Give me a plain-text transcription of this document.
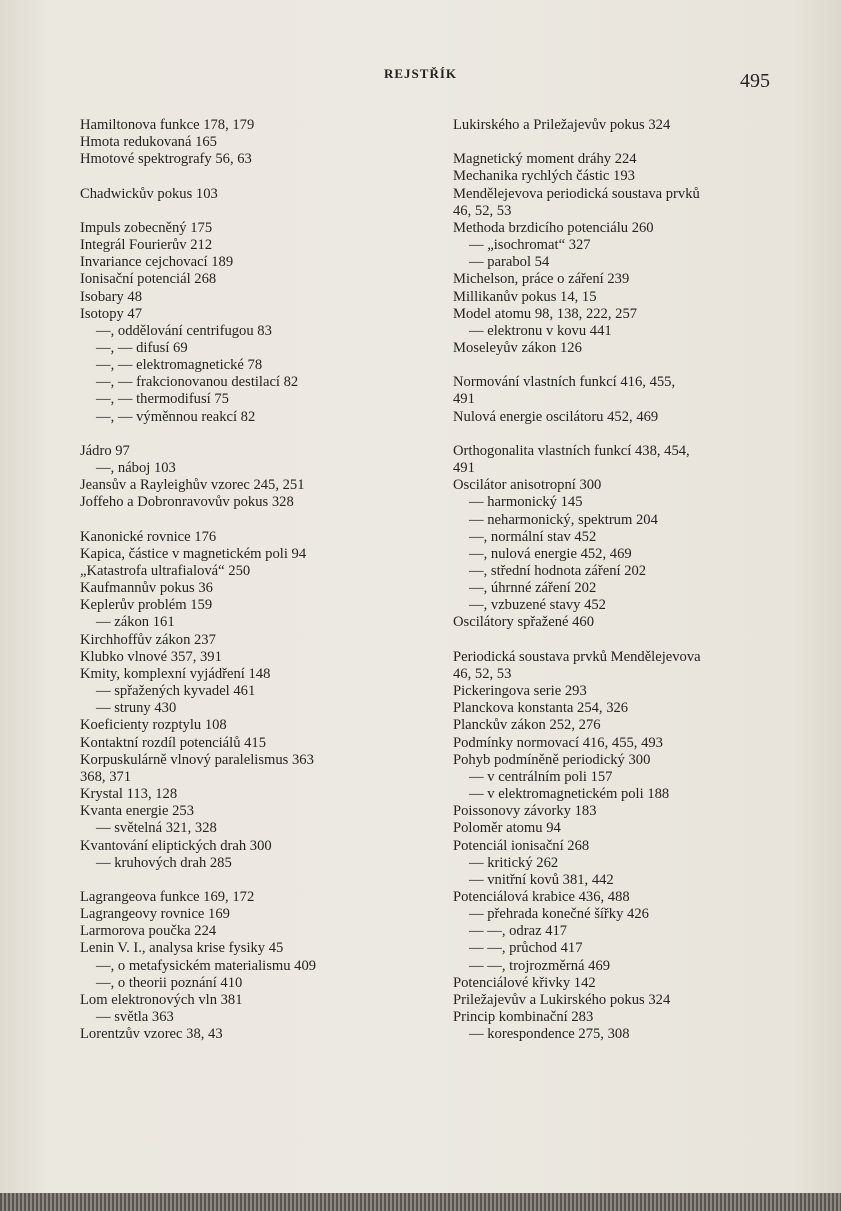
REJSTŘÍK	495
Hamiltonova funkce 178, 179
Hmota redukovaná 165
Hmotové spektrografy 56, 63
Chadwickův pokus 103
Impuls zobecněný 175
Integrál Fourierův 212
Invariance cejchovací 189
Ionisační potenciál 268
Isobary 48
Isotopy 47
—, oddělování centrifugou 83
—, — difusí 69
—, — elektromagnetické 78
—, — frakcionovanou destilací 82
—, — thermodifusí 75
—, — výměnnou reakcí 82
Jádro 97
—, náboj 103
Jeansův a Rayleighův vzorec 245, 251
Joffeho a Dobronravovův pokus 328
Kanonické rovnice 176
Kapica, částice v magnetickém poli 94
„Katastrofa ultrafialová“ 250
Kaufmannův pokus 36
Keplerův problém 159
— zákon 161
Kirchhoffův zákon 237
Klubko vlnové 357, 391
Kmity, komplexní vyjádření 148
— spřažených kyvadel 461
— struny 430
Koeficienty rozptylu 108
Kontaktní rozdíl potenciálů 415
Korpuskulárně vlnový paralelismus 363
368, 371
Krystal 113, 128
Kvanta energie 253
— světelná 321, 328
Kvantování eliptických drah 300
— kruhových drah 285
Lagrangeova funkce 169, 172
Lagrangeovy rovnice 169
Larmorova poučka 224
Lenin V. I., analysa krise fysiky 45
—, o metafysickém materialismu 409
—, o theorii poznání 410
Lom elektronových vln 381
— světla 363
Lorentzův vzorec 38, 43
Lukirského a Priležajevův pokus 324
Magnetický moment dráhy 224
Mechanika rychlých částic 193
Mendělejevova periodická soustava prvků
46, 52, 53
Methoda brzdicího potenciálu 260
— „isochromat“ 327
— parabol 54
Michelson, práce o záření 239
Millikanův pokus 14, 15
Model atomu 98, 138, 222, 257
— elektronu v kovu 441
Moseleyův zákon 126
Normování vlastních funkcí 416, 455,
491
Nulová energie oscilátoru 452, 469
Orthogonalita vlastních funkcí 438, 454,
491
Oscilátor anisotropní 300
— harmonický 145
— neharmonický, spektrum 204
—, normální stav 452
—, nulová energie 452, 469
—, střední hodnota záření 202
—, úhrnné záření 202
—, vzbuzené stavy 452
Oscilátory spřažené 460
Periodická soustava prvků Mendělejevova
46, 52, 53
Pickeringova serie 293
Planckova konstanta 254, 326
Planckův zákon 252, 276
Podmínky normovací 416, 455, 493
Pohyb podmíněně periodický 300
— v centrálním poli 157
— v elektromagnetickém poli 188
Poissonovy závorky 183
Poloměr atomu 94
Potenciál ionisační 268
— kritický 262
— vnitřní kovů 381, 442
Potenciálová krabice 436, 488
— přehrada konečné šířky 426
— —, odraz 417
— —, průchod 417
— —, trojrozměrná 469
Potenciálové křivky 142
Priležajevův a Lukirského pokus 324
Princip kombinační 283
— korespondence 275, 308
